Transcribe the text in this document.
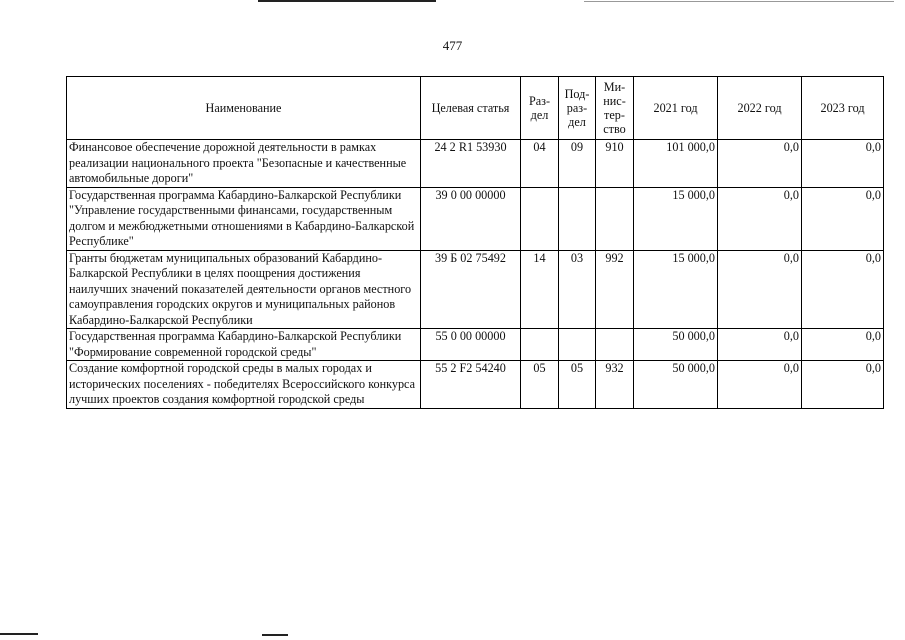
477
Наименование	Целевая статья	Раз- дел	Под- раз- дел	Ми- нис- тер- ство	2021 год	2022 год	2023 год
Финансовое обеспечение дорожной деятельности в рамках реализации национального проекта "Безопасные и качественные автомобильные дороги"	24 2 R1 53930	04	09	910	101 000,0	0,0	0,0
Государственная программа Кабардино-Балкарской Республики "Управление государственными финансами, государственным долгом и межбюджетными отношениями в Кабардино-Балкарской Республике"	39 0 00 00000				15 000,0	0,0	0,0
Гранты бюджетам муниципальных образований Кабардино-Балкарской Республики в целях поощрения достижения наилучших значений показателей деятельности органов местного самоуправления городских округов и муниципальных районов Кабардино-Балкарской Республики	39 Б 02 75492	14	03	992	15 000,0	0,0	0,0
Государственная программа Кабардино-Балкарской Республики "Формирование современной городской среды"	55 0 00 00000				50 000,0	0,0	0,0
Создание комфортной городской среды в малых городах и исторических поселениях - победителях Всероссийского конкурса лучших проектов создания комфортной городской среды	55 2 F2 54240	05	05	932	50 000,0	0,0	0,0
